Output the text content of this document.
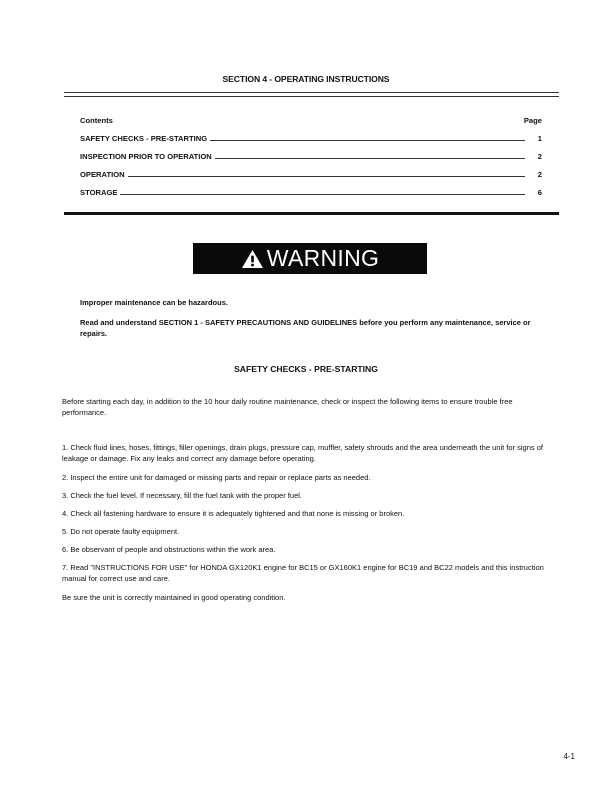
SECTION 4 - OPERATING INSTRUCTIONS
Contents	Page
SAFETY CHECKS - PRE-STARTING	1
INSPECTION PRIOR TO OPERATION	2
OPERATION	2
STORAGE	6
WARNING
Improper maintenance can be hazardous.
Read and understand SECTION 1 - SAFETY PRECAUTIONS AND GUIDELINES before you perform any maintenance, service or repairs.
SAFETY CHECKS - PRE-STARTING
Before starting each day, in addition to the 10 hour daily routine maintenance, check or inspect the following items to ensure trouble free performance.
1. Check fluid lines, hoses, fittings, filler openings, drain plugs, pressure cap, muffler, safety shrouds and the area underneath the unit for signs of leakage or damage. Fix any leaks and correct any damage before operating.
2. Inspect the entire unit for damaged or missing parts and repair or replace parts as needed.
3. Check the fuel level. If necessary, fill the fuel tank with the proper fuel.
4. Check all fastening hardware to ensure it is adequately tightened and that none is missing or broken.
5. Do not operate faulty equipment.
6. Be observant of people and obstructions within the work area.
7. Read "INSTRUCTIONS FOR USE" for HONDA GX120K1 engine for BC15 or GX160K1 engine for BC19 and BC22 models and this instruction manual for correct use and care.
Be sure the unit is correctly maintained in good operating condition.
4-1
